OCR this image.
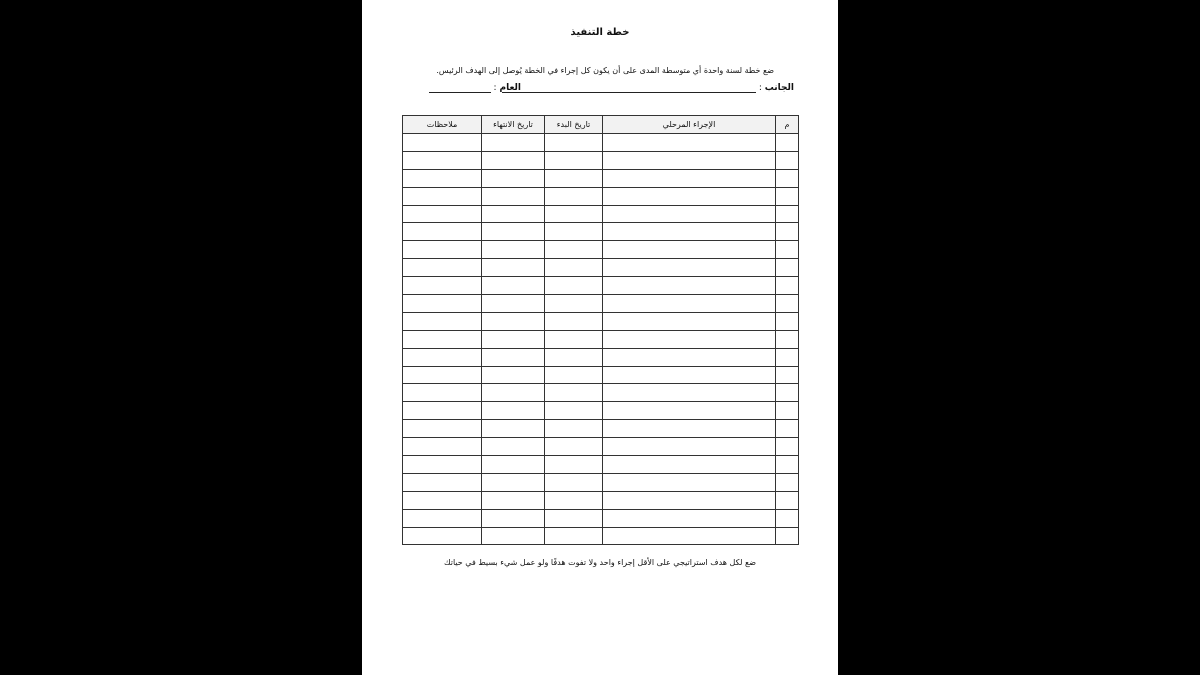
خطة التنفيذ
ضع خطة لسنة واحدة أي متوسطة المدى على أن يكون كل إجراء في الخطة يُوصل إلى الهدف الرئيس.
الجانب :
العام :
م	الإجراء المرحلي	تاريخ البدء	تاريخ الانتهاء	ملاحظات

ضع لكل هدف استراتيجي على الأقل إجراء واحد ولا تفوت هدفًا ولو عمل شيء بسيط في حياتك
